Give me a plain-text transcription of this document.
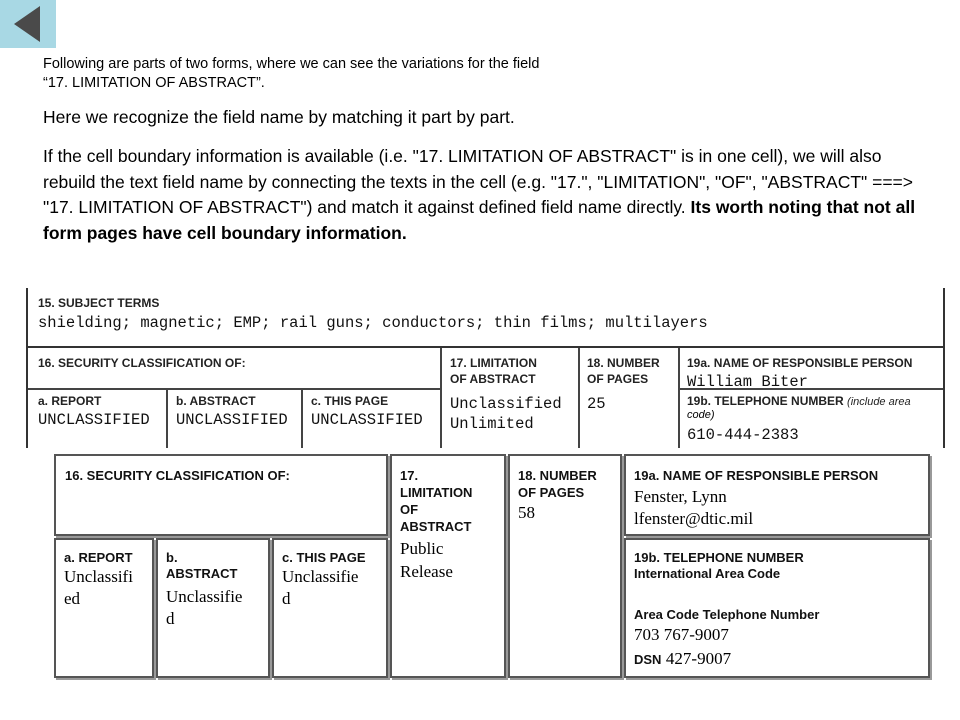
Following are parts of two forms, where we can see the variations for the field

“17. LIMITATION OF ABSTRACT”.

Here we recognize the field name by matching it part by part.

If the cell boundary information is available (i.e. "17. LIMITATION OF ABSTRACT" is in one cell), we will also rebuild the text field name by connecting the texts in the cell (e.g. "17.", "LIMITATION", "OF", "ABSTRACT" ===> "17. LIMITATION OF ABSTRACT") and match it against defined field name directly. Its worth noting that not all form pages have cell boundary information.

15. SUBJECT TERMS
shielding; magnetic; EMP; rail guns; conductors; thin films; multilayers
16. SECURITY CLASSIFICATION OF:	17. LIMITATION
OF ABSTRACT
Unclassified
Unlimited
18. NUMBER
OF PAGES
25
19a. NAME OF RESPONSIBLE PERSON
William Biter
19b. TELEPHONE NUMBER (include area
code)
610-444-2383
a. REPORT
UNCLASSIFIED
b. ABSTRACT
UNCLASSIFIED
c. THIS PAGE
UNCLASSIFIED
16. SECURITY CLASSIFICATION OF:
a. REPORT
Unclassifi
ed
b.
ABSTRACT
Unclassifie
d
c. THIS PAGE
Unclassifie
d
17.
LIMITATION
OF
ABSTRACT
Public
Release
18. NUMBER
OF PAGES
58
19a. NAME OF RESPONSIBLE PERSON
Fenster, Lynn
lfenster@dtic.mil
19b. TELEPHONE NUMBER
International Area Code
Area Code Telephone Number
703 767-9007
DSN 427-9007
